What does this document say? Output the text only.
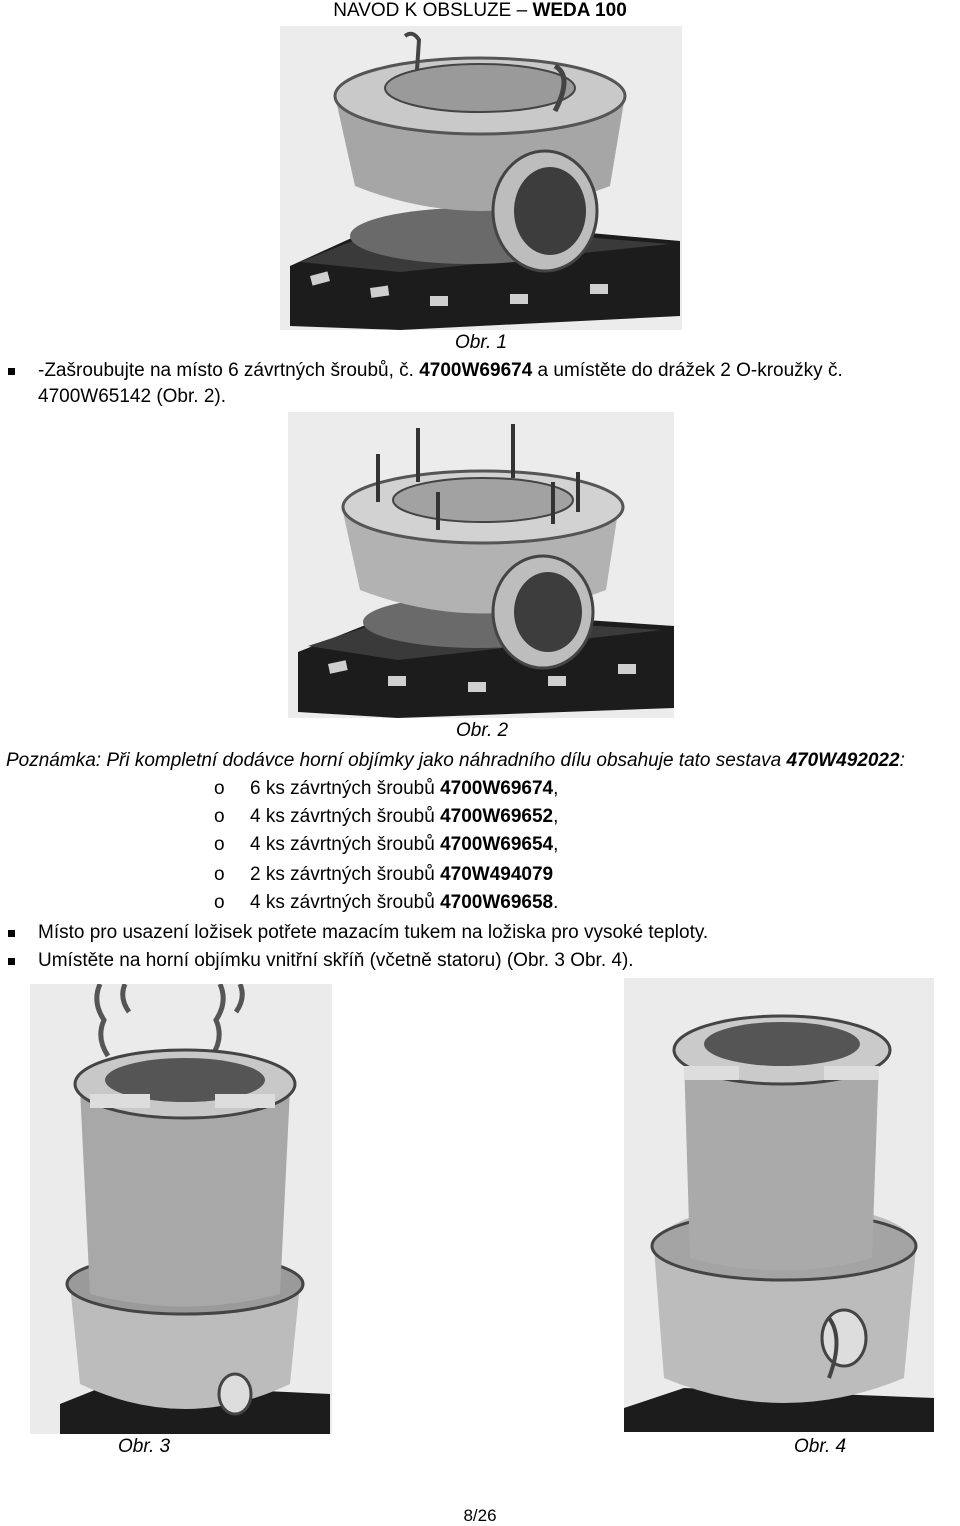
NAVOD K OBSLUZE – WEDA 100
Obr. 1
-Zašroubujte na místo 6 závrtných šroubů, č. 4700W69674 a umístěte do drážek 2 O-kroužky č.
4700W65142 (Obr. 2).
Obr. 2
Poznámka: Při kompletní dodávce horní objímky jako náhradního dílu obsahuje tato sestava 470W492022:
o 6 ks závrtných šroubů 4700W69674,
o 4 ks závrtných šroubů 4700W69652,
o 4 ks závrtných šroubů 4700W69654,
o 2 ks závrtných šroubů 470W494079
o 4 ks závrtných šroubů 4700W69658.
Místo pro usazení ložisek potřete mazacím tukem na ložiska pro vysoké teploty.
Umístěte na horní objímku vnitřní skříň (včetně statoru) (Obr. 3 Obr. 4).
Obr. 3	Obr. 4
8/26
